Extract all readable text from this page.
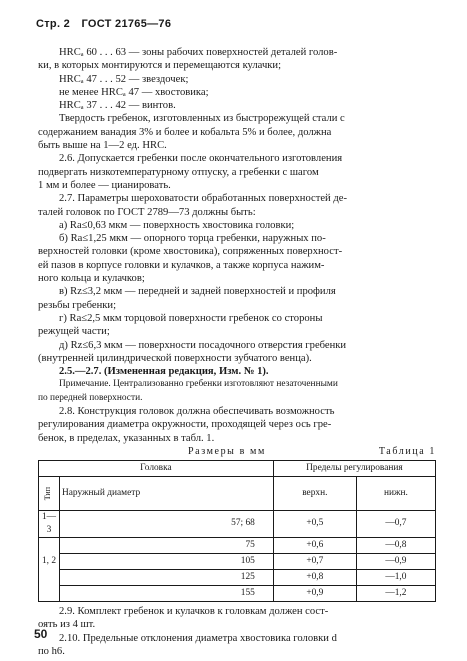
Стр. 2 ГОСТ 21765—76
HRCₐ 60 . . . 63 — зоны рабочих поверхностей деталей голов-
ки, в которых монтируются и перемещаются кулачки;
HRCₐ 47 . . . 52 — звездочек;
не менее HRCₐ 47 — хвостовика;
HRCₐ 37 . . . 42 — винтов.
Твердость гребенок, изготовленных из быстрорежущей стали с
содержанием ванадия 3% и более и кобальта 5% и более, должна
быть выше на 1—2 ед. HRC.
2.6. Допускается гребенки после окончательного изготовления
подвергать низкотемпературному отпуску, а гребенки с шагом
1 мм и более — цианировать.
2.7. Параметры шероховатости обработанных поверхностей де-
талей головок по ГОСТ 2789—73 должны быть:
а) Ra≤0,63 мкм — поверхность хвостовика головки;
б) Ra≤1,25 мкм — опорного торца гребенки, наружных по-
верхностей головки (кроме хвостовика), сопряженных поверхност-
ей пазов в корпусе головки и кулачков, а также корпуса нажим-
ного кольца и кулачков;
в) Rz≤3,2 мкм — передней и задней поверхностей и профиля
резьбы гребенки;
г) Ra≤2,5 мкм торцовой поверхности гребенок со стороны
режущей части;
д) Rz≤6,3 мкм — поверхности посадочного отверстия гребенки
(внутренней цилиндрической поверхности зубчатого венца).
2.5.—2.7. (Измененная редакция, Изм. № 1).
Примечание. Централизованно гребенки изготовляют незаточенными
по передней поверхности.
2.8. Конструкция головок должна обеспечивать возможность
регулирования диаметра окружности, проходящей через ось гре-
бенок, в пределах, указанных в табл. 1.
Размеры в мм	Таблица 1
Головка		Пределы регулирования	

Тип	Наружный диаметр	верхн.	нижн.
1—3	57; 68	+0,5	—0,7
	75	+0,6	—0,8
1, 2	105	+0,7	—0,9
	125	+0,8	—1,0
	155	+0,9	—1,2
2.9. Комплект гребенок и кулачков к головкам должен сост-
оять из 4 шт.
2.10. Предельные отклонения диаметра хвостовика головки d
по h6.
50
